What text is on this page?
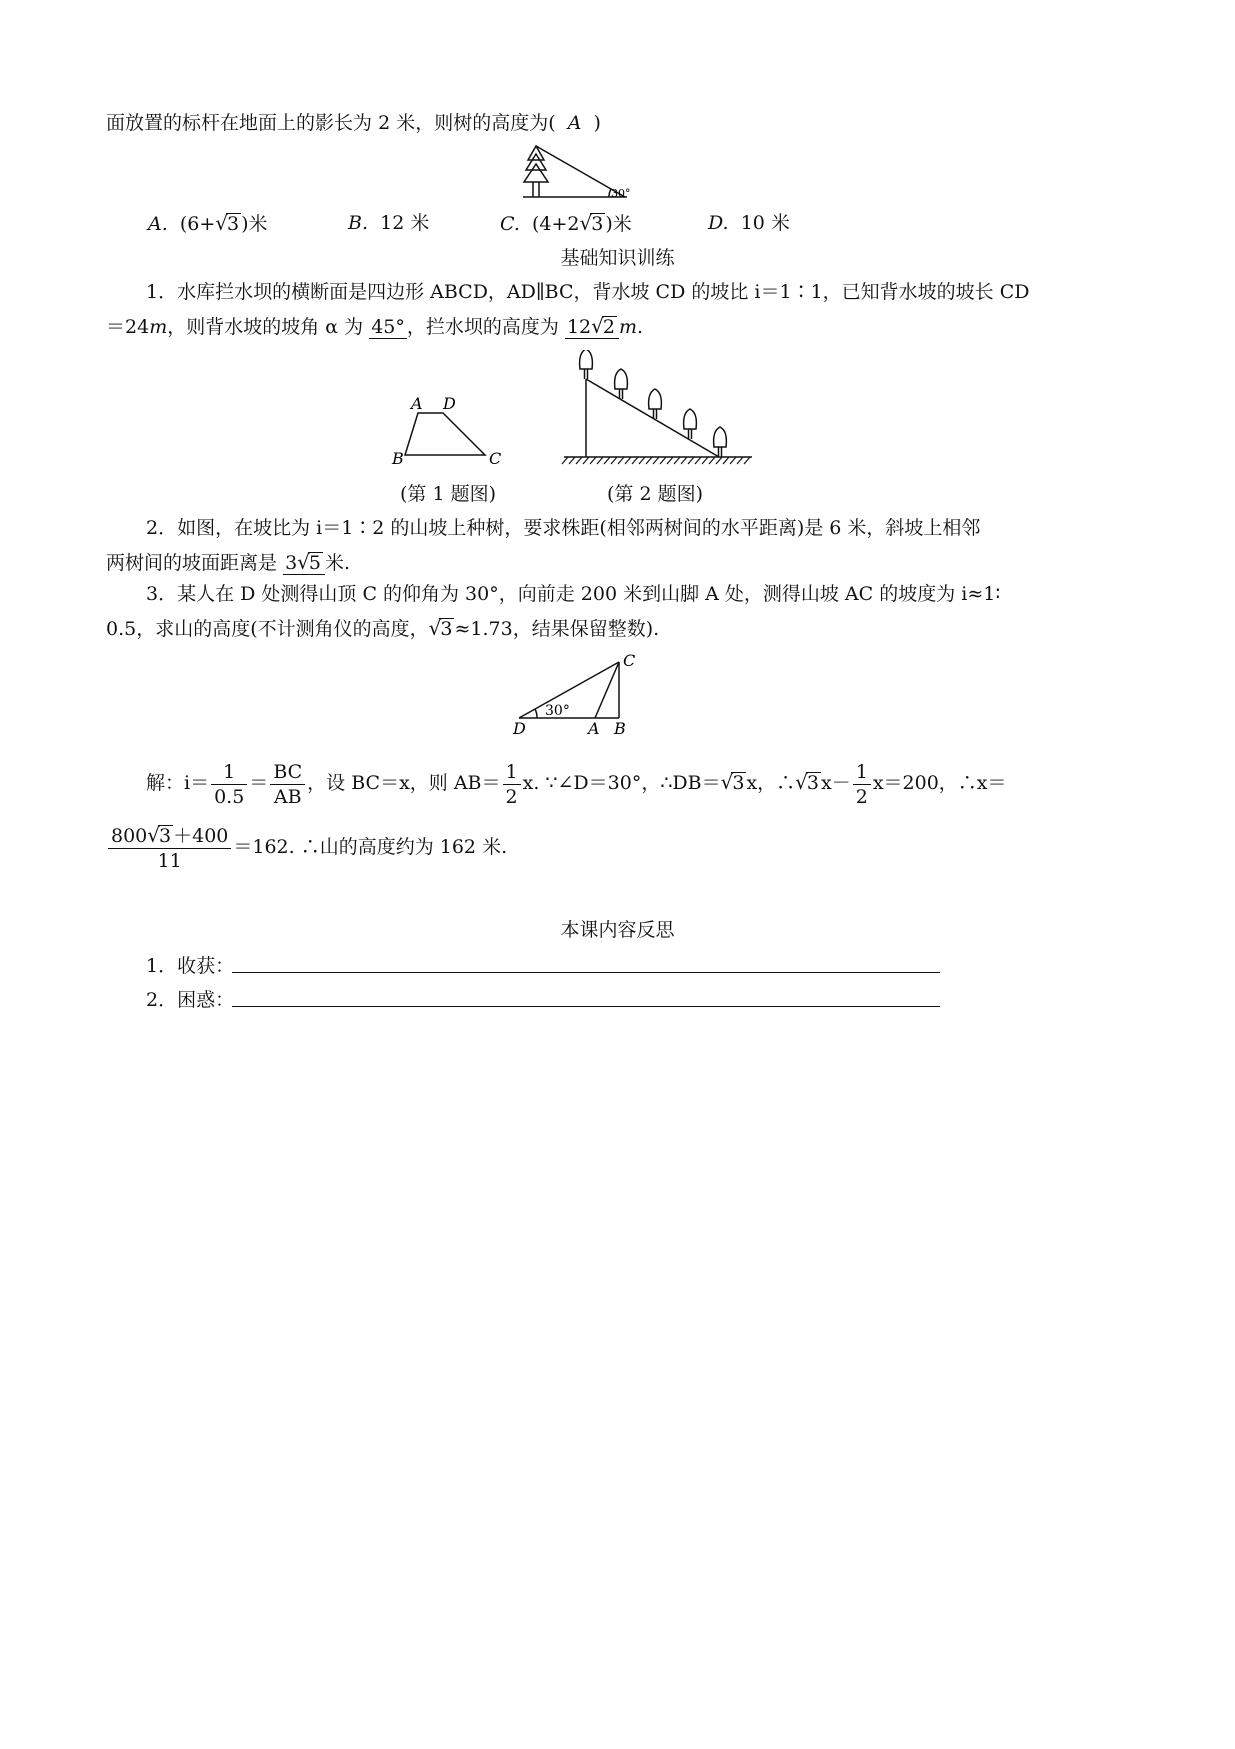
面放置的标杆在地面上的影长为 2 米，则树的高度为( A )
30°
A. (6+√3 )米	B. 12 米	C. (4+2√3 )米	D. 10 米
基础知识训练
1．水库拦水坝的横断面是四边形 ABCD，AD∥BC，背水坡 CD 的坡比 i＝1∶1，已知背水坡的坡长 CD
＝24m，则背水坡的坡角 α 为 45° ，拦水坝的高度为 12√2 m.
A D
B	C
(第 1 题图)	(第 2 题图)
2．如图，在坡比为 i＝1∶2 的山坡上种树，要求株距(相邻两树间的水平距离)是 6 米，斜坡上相邻
两树间的坡面距离是 3√5 米.
3．某人在 D 处测得山顶 C 的仰角为 30°，向前走 200 米到山脚 A 处，测得山坡 AC 的坡度为 i≈1∶
0.5，求山的高度(不计测角仪的高度，√3 ≈1.73，结果保留整数).
C
D	A B
30°
解：$i= \frac{1}{0.5} = \frac{BC}{AB}$ ，设 BC＝x，则 $AB= \frac{1}{2} x$. ∵∠D＝30°，∴DB＝√3 x，∴√3 $x- \frac{1}{2} x=200$，∴x＝
$\frac{800√3 +400}{11} =162$. ∴山的高度约为 162 米.
本课内容反思
1．收获：
2．困惑：
